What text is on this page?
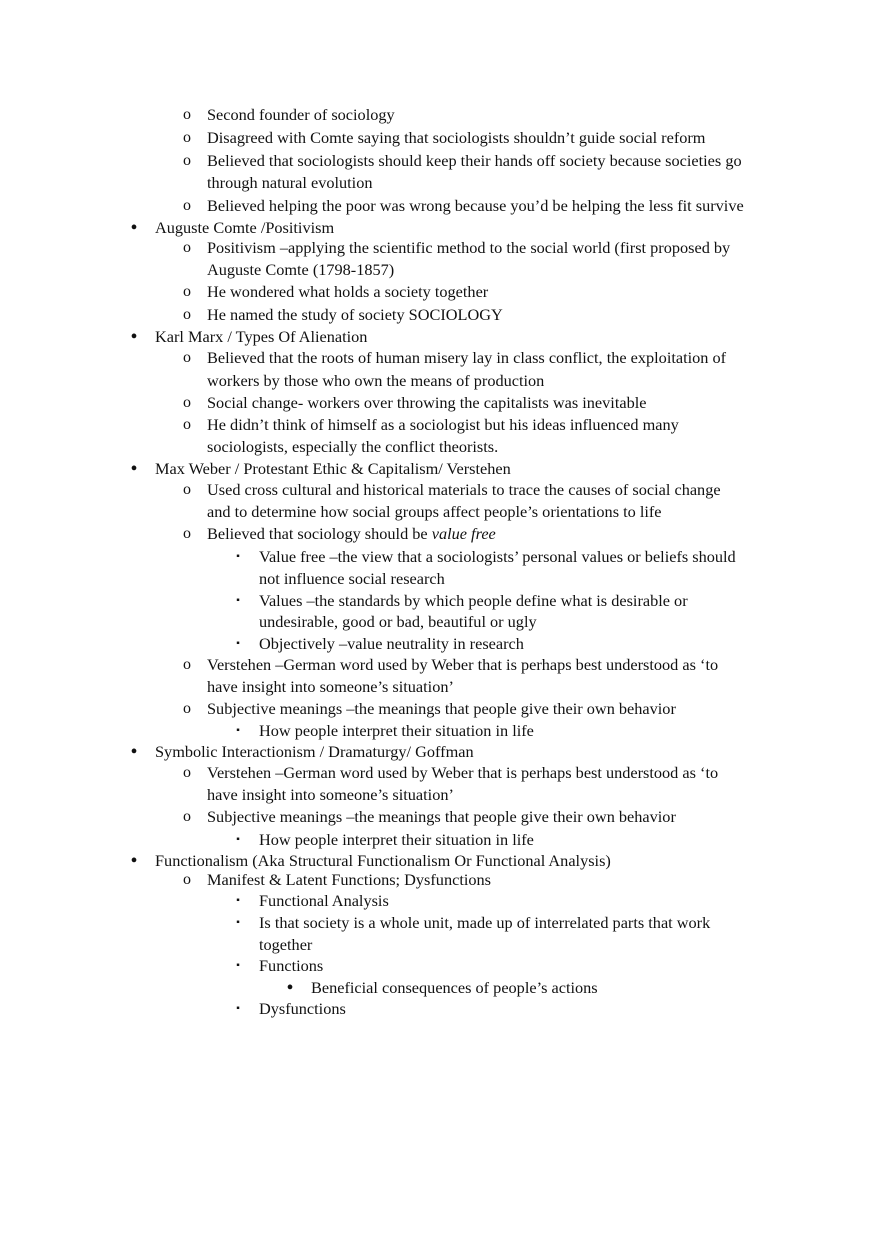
o Second founder of sociology
o Disagreed with Comte saying that sociologists shouldn’t guide social reform
o Believed that sociologists should keep their hands off society because societies go
through natural evolution
o Believed helping the poor was wrong because you’d be helping the less fit survive
• Auguste Comte /Positivism
o Positivism –applying the scientific method to the social world (first proposed by
Auguste Comte (1798-1857)
o He wondered what holds a society together
o He named the study of society SOCIOLOGY
• Karl Marx / Types Of Alienation
o Believed that the roots of human misery lay in class conflict, the exploitation of
workers by those who own the means of production
o Social change- workers over throwing the capitalists was inevitable
o He didn’t think of himself as a sociologist but his ideas influenced many
sociologists, especially the conflict theorists.
• Max Weber / Protestant Ethic & Capitalism/ Verstehen
o Used cross cultural and historical materials to trace the causes of social change
and to determine how social groups affect people’s orientations to life
o Believed that sociology should be value free
▪	Value free –the view that a sociologists’ personal values or beliefs should
not influence social research
▪	Values –the standards by which people define what is desirable or
undesirable, good or bad, beautiful or ugly
▪	Objectively –value neutrality in research
o Verstehen –German word used by Weber that is perhaps best understood as ‘to
have insight into someone’s situation’
o Subjective meanings –the meanings that people give their own behavior
▪	How people interpret their situation in life
• Symbolic Interactionism / Dramaturgy/ Goffman
o Verstehen –German word used by Weber that is perhaps best understood as ‘to
have insight into someone’s situation’
o Subjective meanings –the meanings that people give their own behavior
▪	How people interpret their situation in life
• Functionalism (Aka Structural Functionalism Or Functional Analysis)
o Manifest & Latent Functions; Dysfunctions
▪	Functional Analysis
▪	Is that society is a whole unit, made up of interrelated parts that work
together
▪	Functions
• Beneficial consequences of people’s actions
▪	Dysfunctions
